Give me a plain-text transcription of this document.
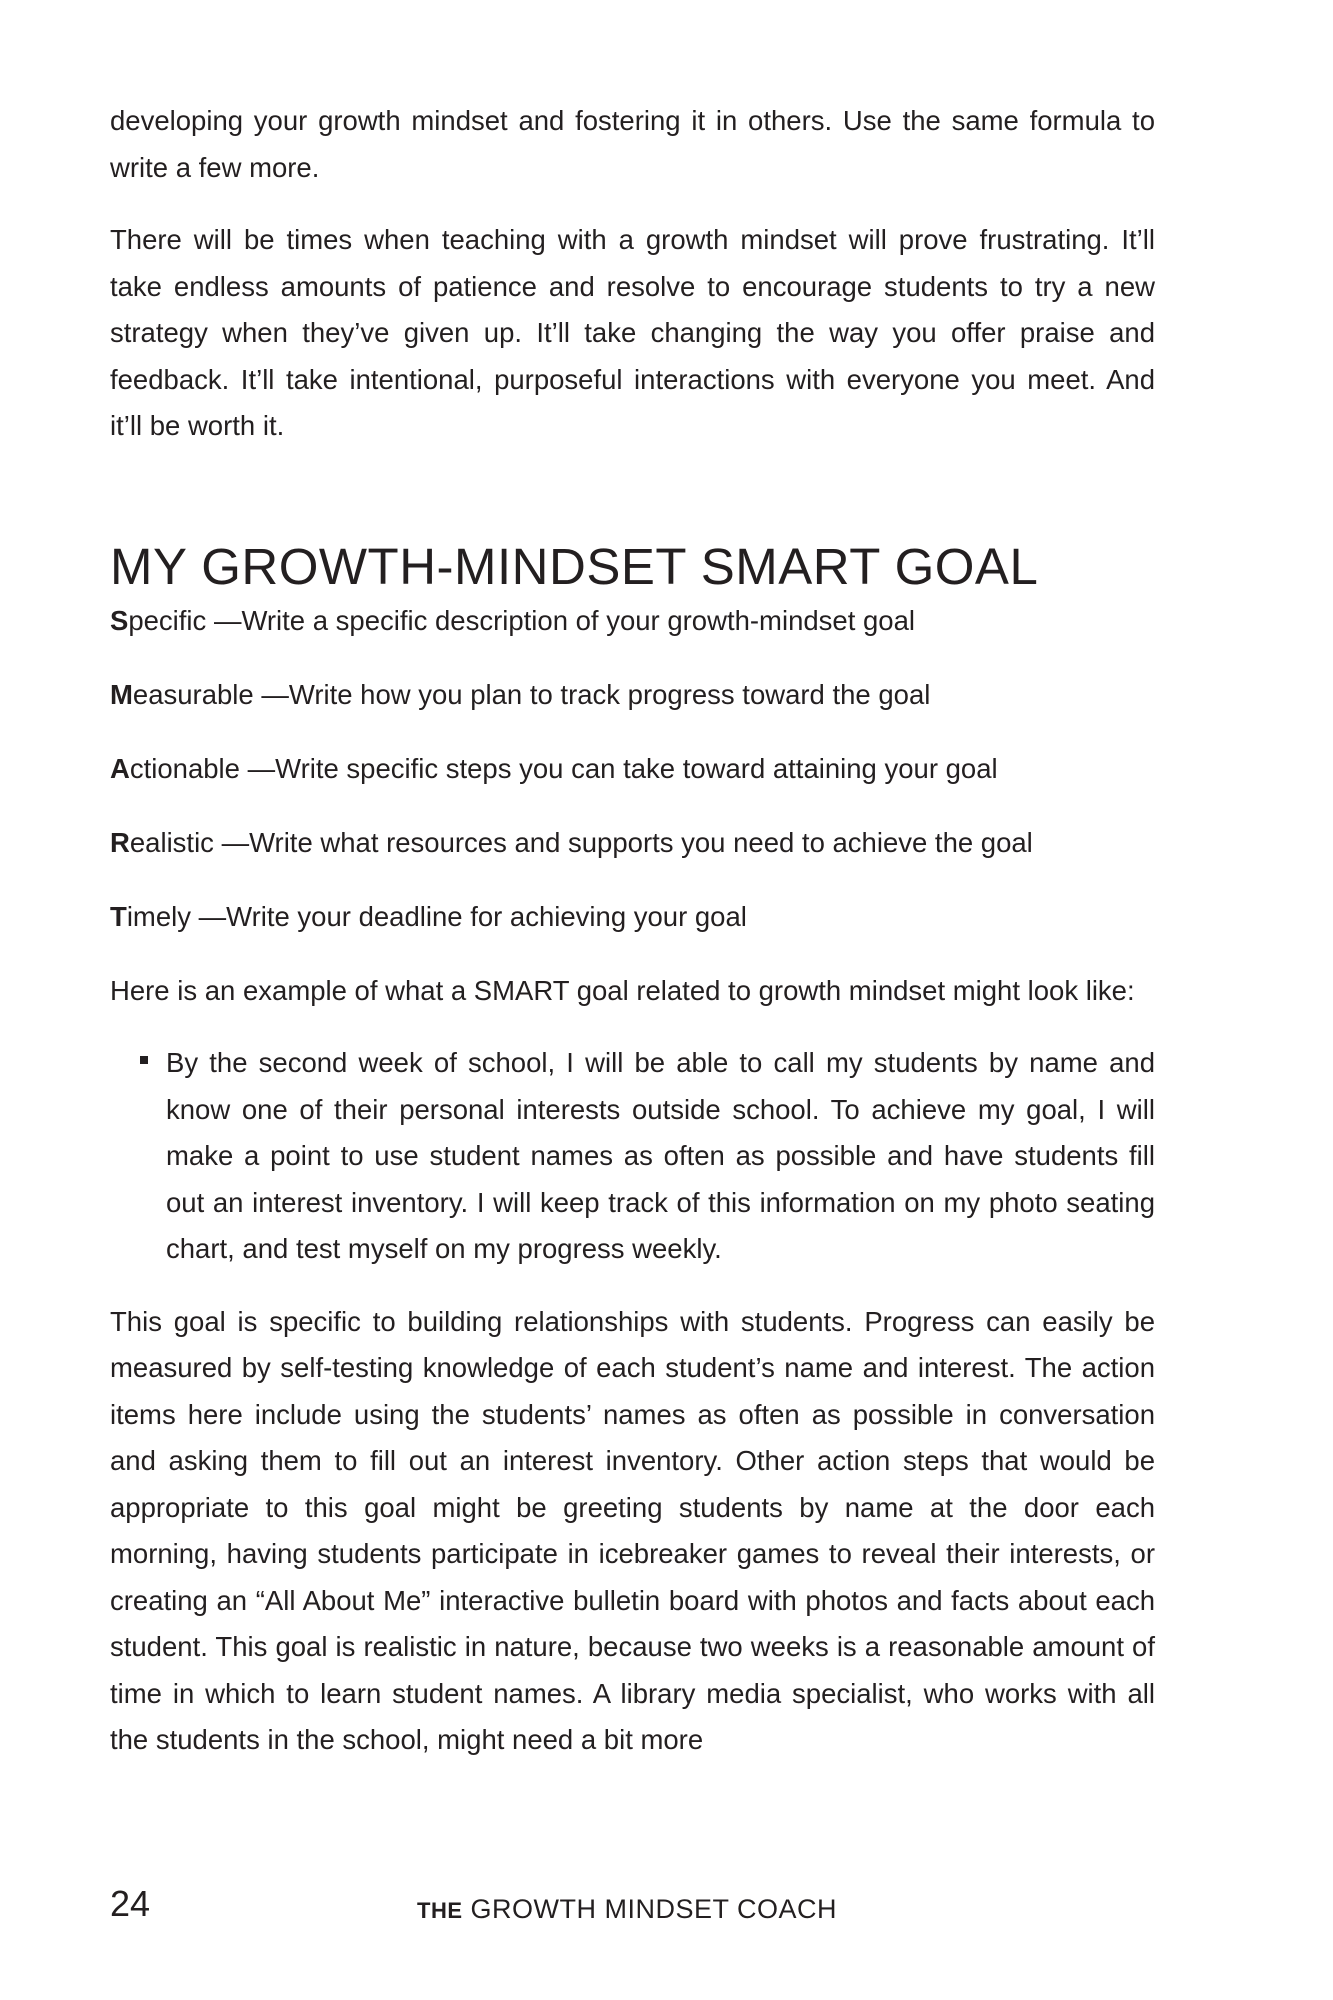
developing your growth mindset and fostering it in others. Use the same formula to write a few more.

There will be times when teaching with a growth mindset will prove frustrating. It’ll take endless amounts of patience and resolve to encourage students to try a new strategy when they’ve given up. It’ll take changing the way you offer praise and feedback. It’ll take intentional, purposeful interactions with everyone you meet. And it’ll be worth it.

MY GROWTH-MINDSET SMART GOAL
Specific —Write a specific description of your growth-mindset goal
Measurable —Write how you plan to track progress toward the goal
Actionable —Write specific steps you can take toward attaining your goal
Realistic —Write what resources and supports you need to achieve the goal
Timely —Write your deadline for achieving your goal

Here is an example of what a SMART goal related to growth mindset might look like:

By the second week of school, I will be able to call my students by name and know one of their personal interests outside school. To achieve my goal, I will make a point to use student names as often as possible and have students fill out an interest inventory. I will keep track of this information on my photo seating chart, and test myself on my progress weekly.

This goal is specific to building relationships with students. Progress can easily be measured by self-testing knowledge of each student’s name and interest. The action items here include using the students’ names as often as possible in conversation and asking them to fill out an interest inventory. Other action steps that would be appropriate to this goal might be greeting students by name at the door each morning, having students participate in icebreaker games to reveal their interests, or creating an “All About Me” interactive bulletin board with photos and facts about each student. This goal is realistic in nature, because two weeks is a reasonable amount of time in which to learn student names. A library media specialist, who works with all the students in the school, might need a bit more

24	THE GROWTH MINDSET COACH
